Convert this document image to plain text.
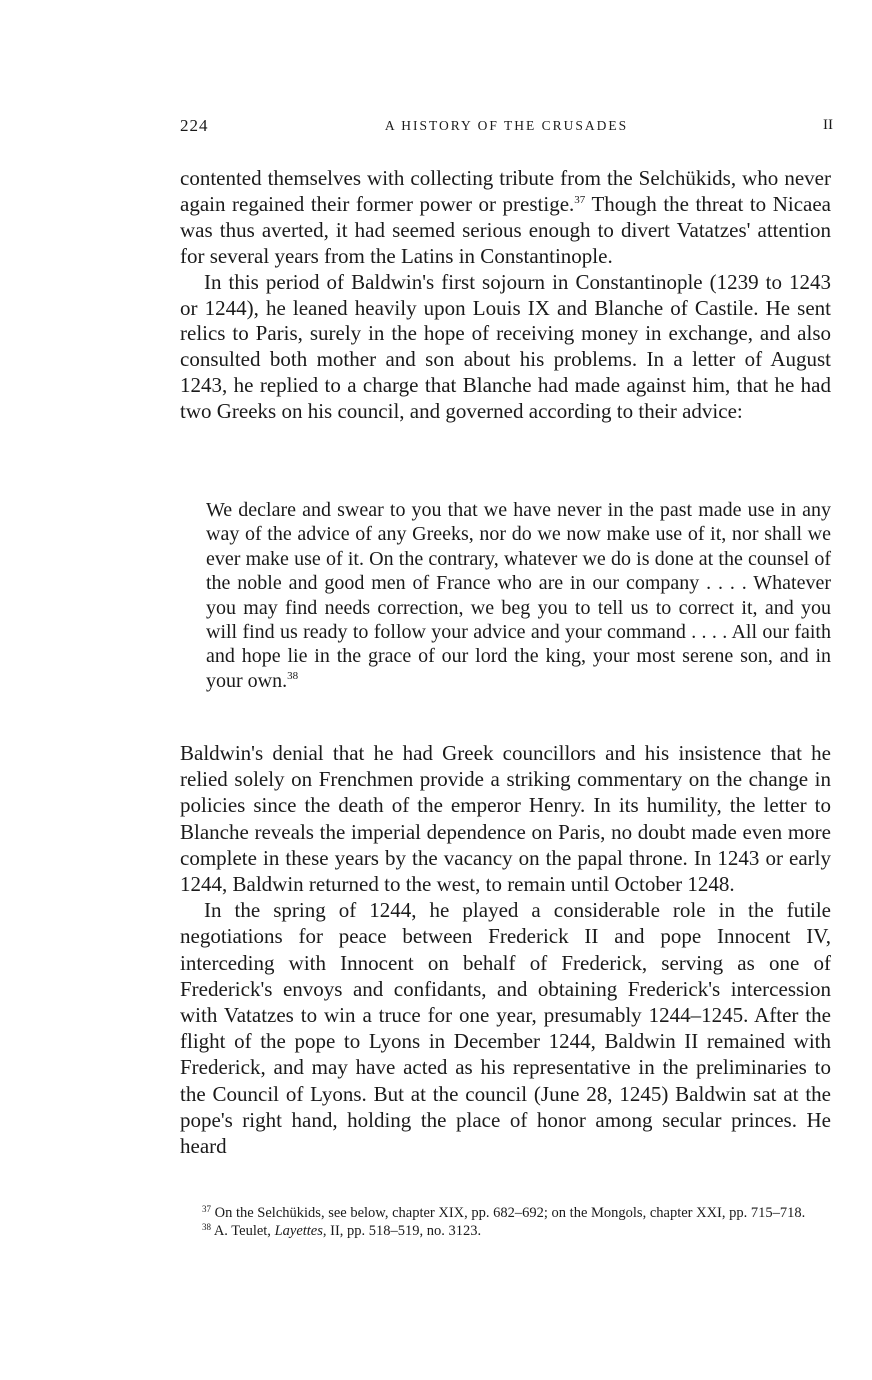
224	A HISTORY OF THE CRUSADES	II

contented themselves with collecting tribute from the Selchükids, who never again regained their former power or prestige.$^{37}$ Though the threat to Nicaea was thus averted, it had seemed serious enough to divert Vatatzes' attention for several years from the Latins in Constantinople.

In this period of Baldwin's first sojourn in Constantinople (1239 to 1243 or 1244), he leaned heavily upon Louis IX and Blanche of Castile. He sent relics to Paris, surely in the hope of receiving money in exchange, and also consulted both mother and son about his problems. In a letter of August 1243, he replied to a charge that Blanche had made against him, that he had two Greeks on his council, and governed according to their advice:

We declare and swear to you that we have never in the past made use in any way of the advice of any Greeks, nor do we now make use of it, nor shall we ever make use of it. On the contrary, whatever we do is done at the counsel of the noble and good men of France who are in our company . . . . Whatever you may find needs correction, we beg you to tell us to correct it, and you will find us ready to follow your advice and your command . . . . All our faith and hope lie in the grace of our lord the king, your most serene son, and in your own.$^{38}$

Baldwin's denial that he had Greek councillors and his insistence that he relied solely on Frenchmen provide a striking commentary on the change in policies since the death of the emperor Henry. In its humility, the letter to Blanche reveals the imperial dependence on Paris, no doubt made even more complete in these years by the vacancy on the papal throne. In 1243 or early 1244, Baldwin returned to the west, to remain until October 1248.

In the spring of 1244, he played a considerable role in the futile negotiations for peace between Frederick II and pope Innocent IV, interceding with Innocent on behalf of Frederick, serving as one of Frederick's envoys and confidants, and obtaining Frederick's intercession with Vatatzes to win a truce for one year, presumably 1244–1245. After the flight of the pope to Lyons in December 1244, Baldwin II remained with Frederick, and may have acted as his representative in the preliminaries to the Council of Lyons. But at the council (June 28, 1245) Baldwin sat at the pope's right hand, holding the place of honor among secular princes. He heard

$^{37}$ On the Selchükids, see below, chapter XIX, pp. 682–692; on the Mongols, chapter XXI, pp. 715–718.

$^{38}$ A. Teulet, Layettes, II, pp. 518–519, no. 3123.
